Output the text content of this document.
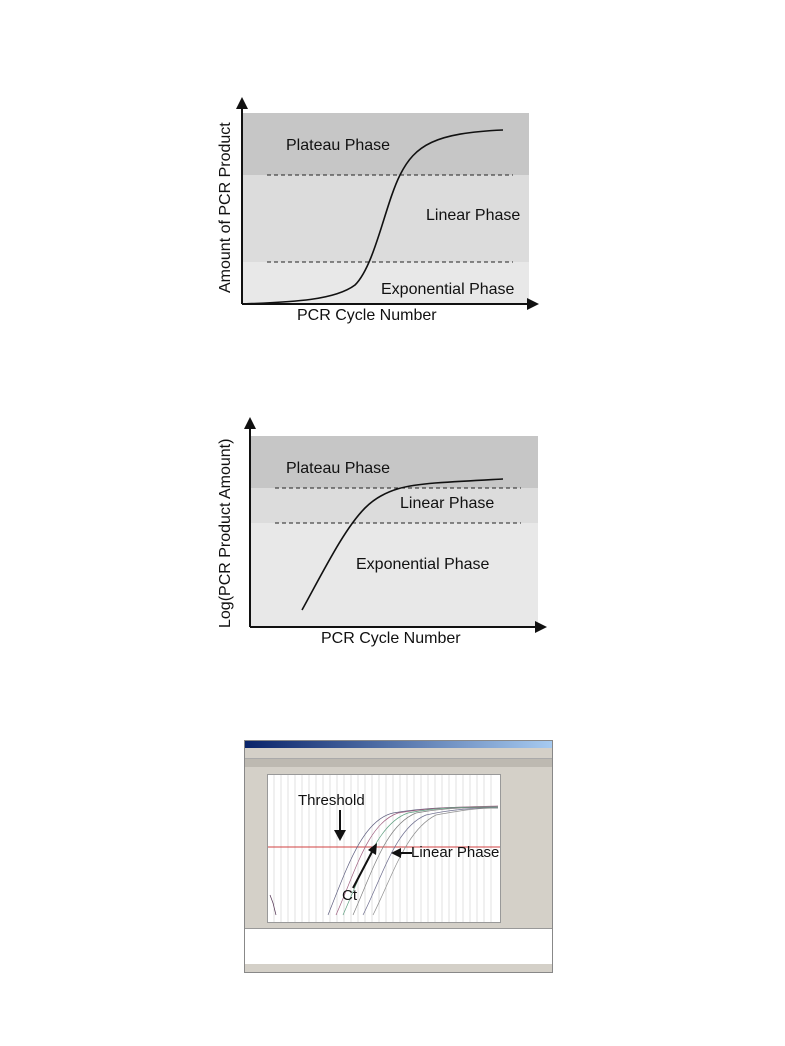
Plateau Phase
Linear Phase
Exponential Phase
PCR Cycle Number
Amount of PCR Product
Plateau Phase
Linear Phase
Exponential Phase
PCR Cycle Number
Log(PCR Product Amount)
Threshold
Linear Phase
Ct
